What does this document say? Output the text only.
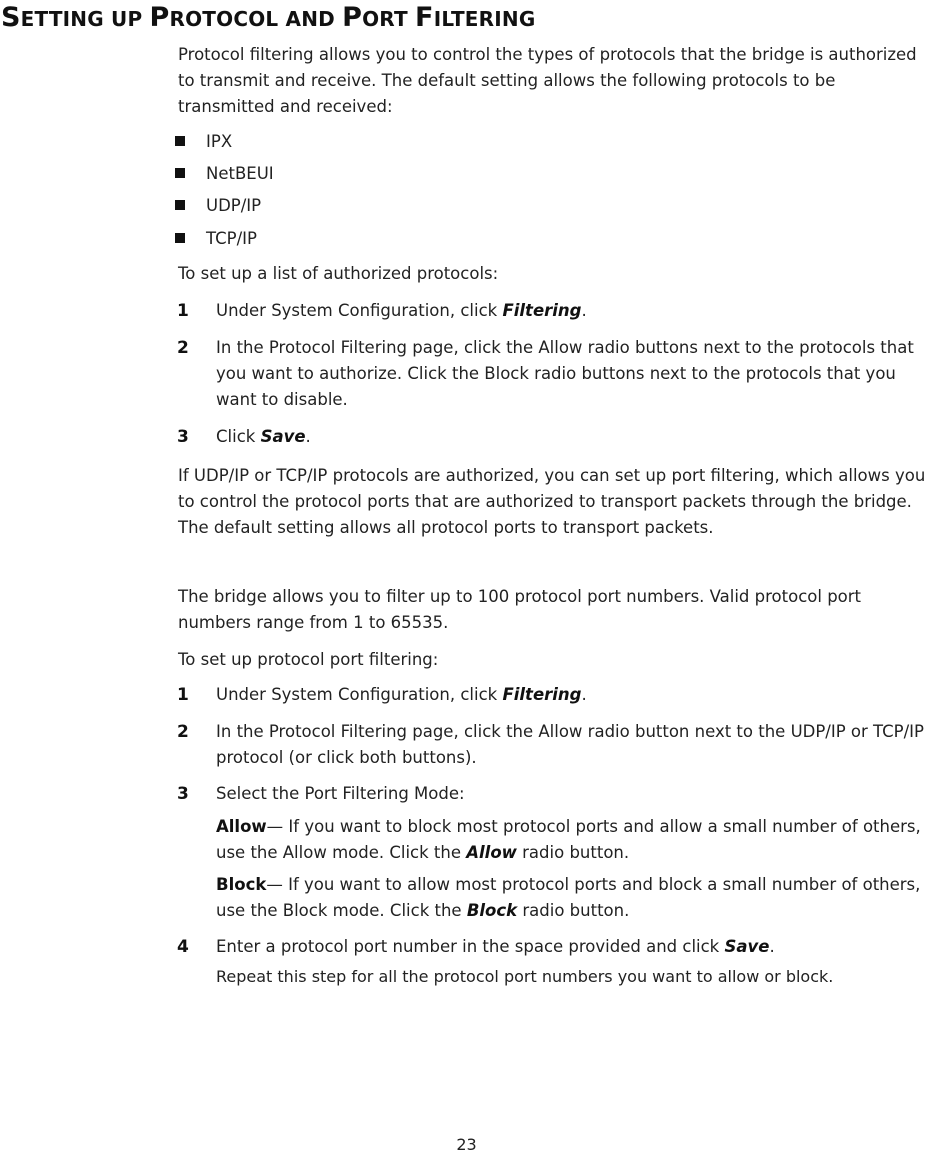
SETTING UP PROTOCOL AND PORT FILTERING

Protocol filtering allows you to control the types of protocols that the bridge is authorized to transmit and receive. The default setting allows the following protocols to be transmitted and received:

IPX

NetBEUI

UDP/IP

TCP/IP

To set up a list of authorized protocols:

1 Under System Configuration, click Filtering.

2 In the Protocol Filtering page, click the Allow radio buttons next to the protocols that you want to authorize. Click the Block radio buttons next to the protocols that you want to disable.

3 Click Save.

If UDP/IP or TCP/IP protocols are authorized, you can set up port filtering, which allows you to control the protocol ports that are authorized to transport packets through the bridge. The default setting allows all protocol ports to transport packets.

The bridge allows you to filter up to 100 protocol port numbers. Valid protocol port numbers range from 1 to 65535.

To set up protocol port filtering:

1 Under System Configuration, click Filtering.

2 In the Protocol Filtering page, click the Allow radio button next to the UDP/IP or TCP/IP protocol (or click both buttons).

3 Select the Port Filtering Mode:

Allow— If you want to block most protocol ports and allow a small number of others, use the Allow mode. Click the Allow radio button.

Block— If you want to allow most protocol ports and block a small number of others, use the Block mode. Click the Block radio button.

4 Enter a protocol port number in the space provided and click Save.

Repeat this step for all the protocol port numbers you want to allow or block.

23
